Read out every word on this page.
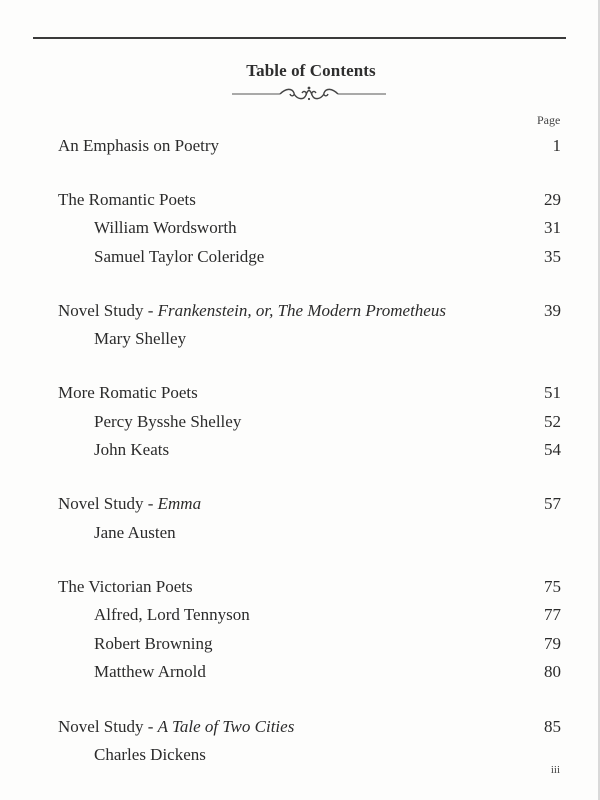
Table of Contents
Page
An Emphasis on Poetry	1
The Romantic Poets	29
William Wordsworth	31
Samuel Taylor Coleridge	35
Novel Study - Frankenstein, or, The Modern Prometheus	39
Mary Shelley
More Romatic Poets	51
Percy Bysshe Shelley	52
John Keats	54
Novel Study - Emma	57
Jane Austen
The Victorian Poets	75
Alfred, Lord Tennyson	77
Robert Browning	79
Matthew Arnold	80
Novel Study - A Tale of Two Cities	85
Charles Dickens
iii
